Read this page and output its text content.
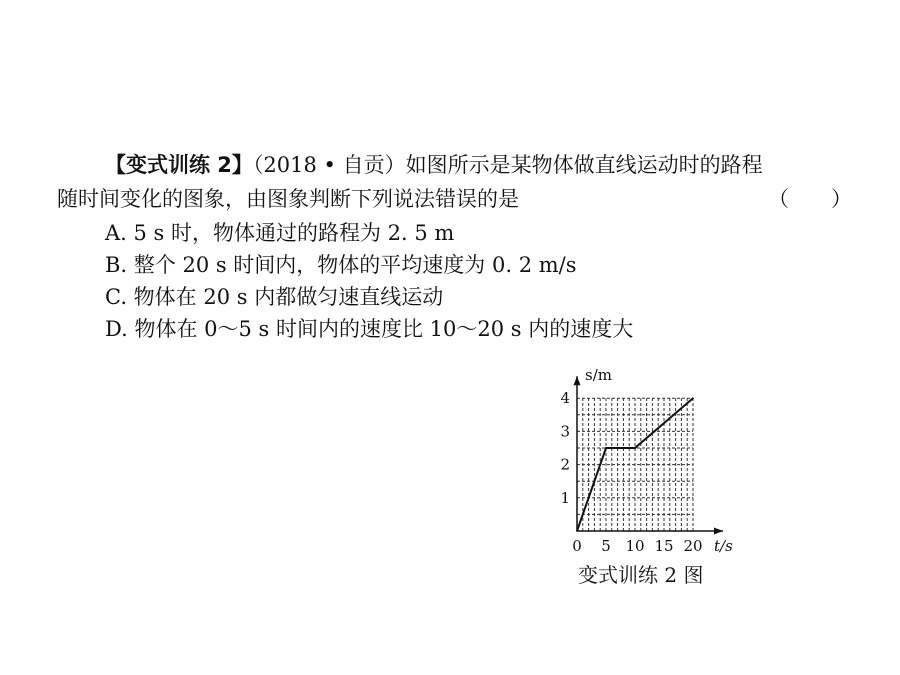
【变式训练 2】（2018 • 自贡）如图所示是某物体做直线运动时的路程
随时间变化的图象，由图象判断下列说法错误的是	（　　）
A. 5 s 时，物体通过的路程为 2. 5 m
B. 整个 20 s 时间内，物体的平均速度为 0. 2 m/s
C. 物体在 20 s 内都做匀速直线运动
D. 物体在 0～5 s 时间内的速度比 10～20 s 内的速度大
0 5 10 15 20
1
2
3
4
t/s
s/m
变式训练 2 图
